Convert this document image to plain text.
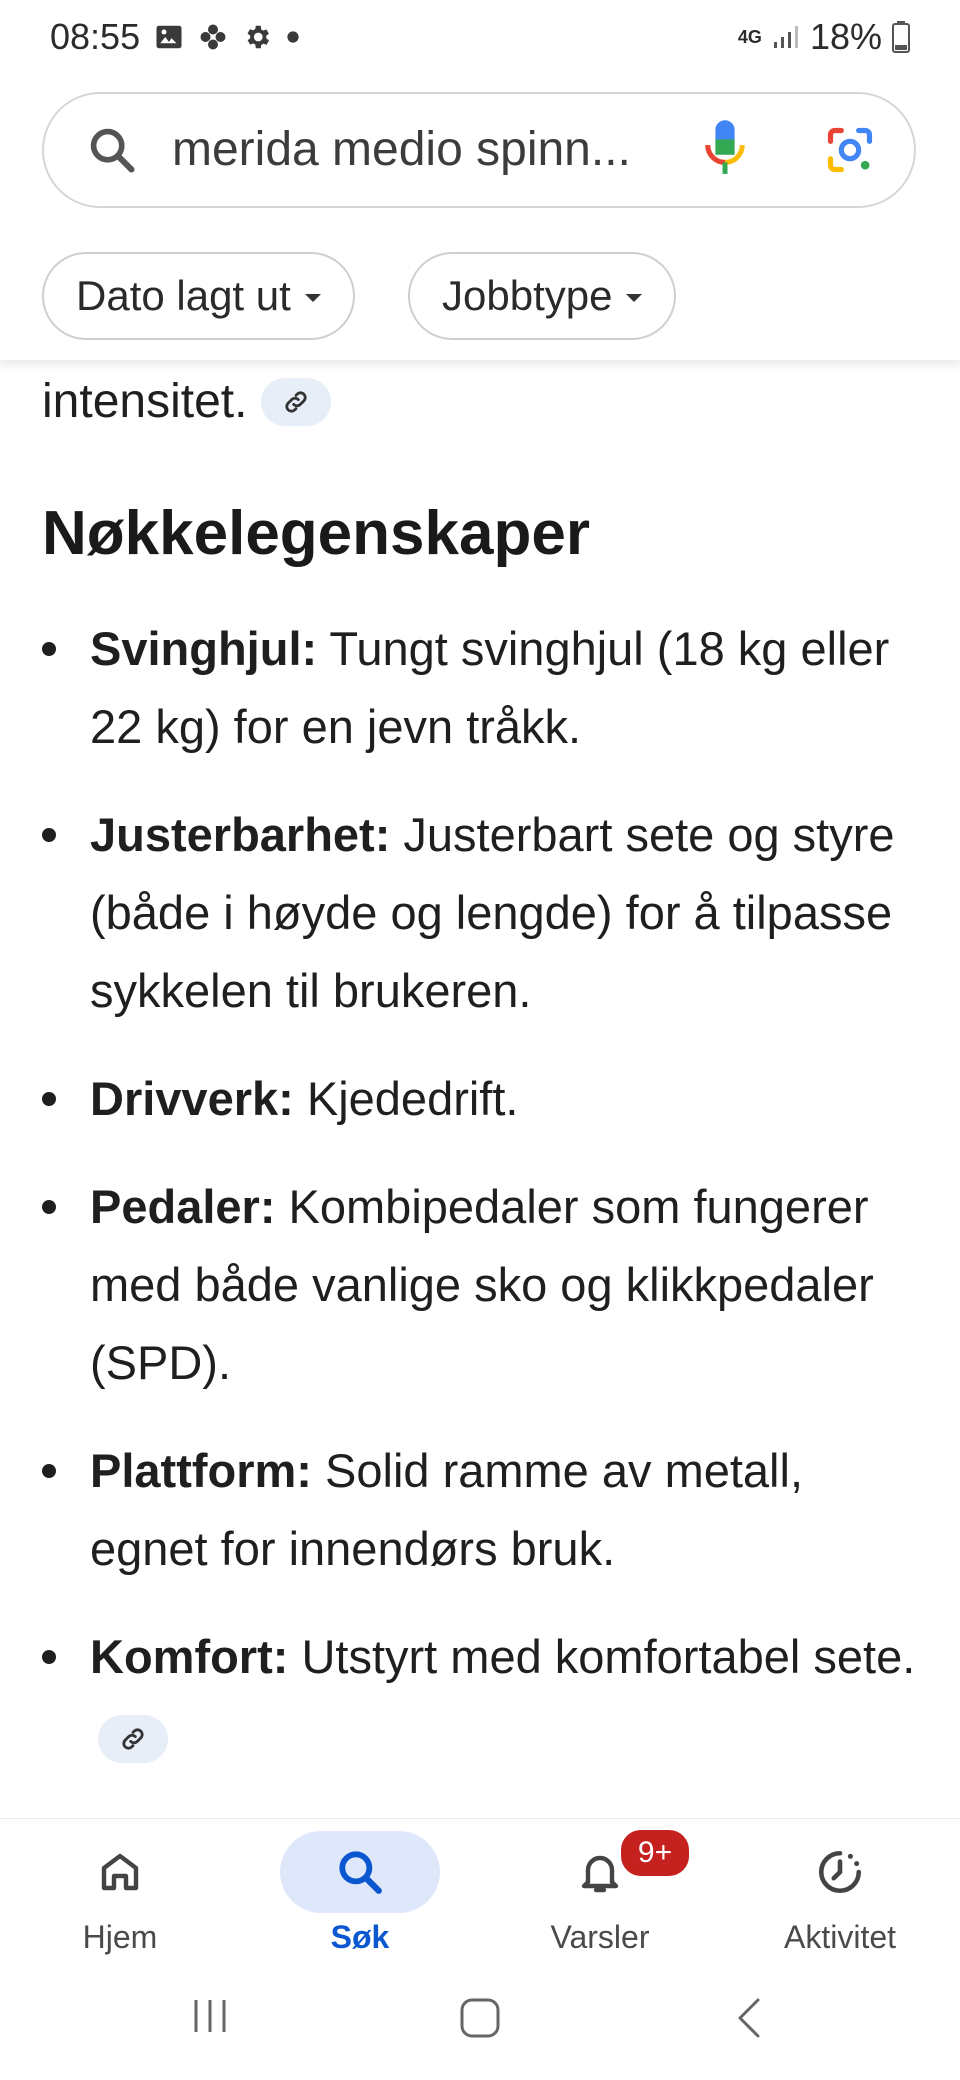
08:55	4G 18%
merida medio spinn...
Dato lagt ut	Jobbtype
intensitet.
Nøkkelegenskaper
Svinghjul: Tungt svinghjul (18 kg eller 22 kg) for en jevn tråkk.
Justerbarhet: Justerbart sete og styre (både i høyde og lengde) for å tilpasse sykkelen til brukeren.
Drivverk: Kjededrift.
Pedaler: Kombipedaler som fungerer med både vanlige sko og klikkpedaler (SPD).
Plattform: Solid ramme av metall, egnet for innendørs bruk.
Komfort: Utstyrt med komfortabel sete.
Hjem	Søk
9+
Varsler	Aktivitet
